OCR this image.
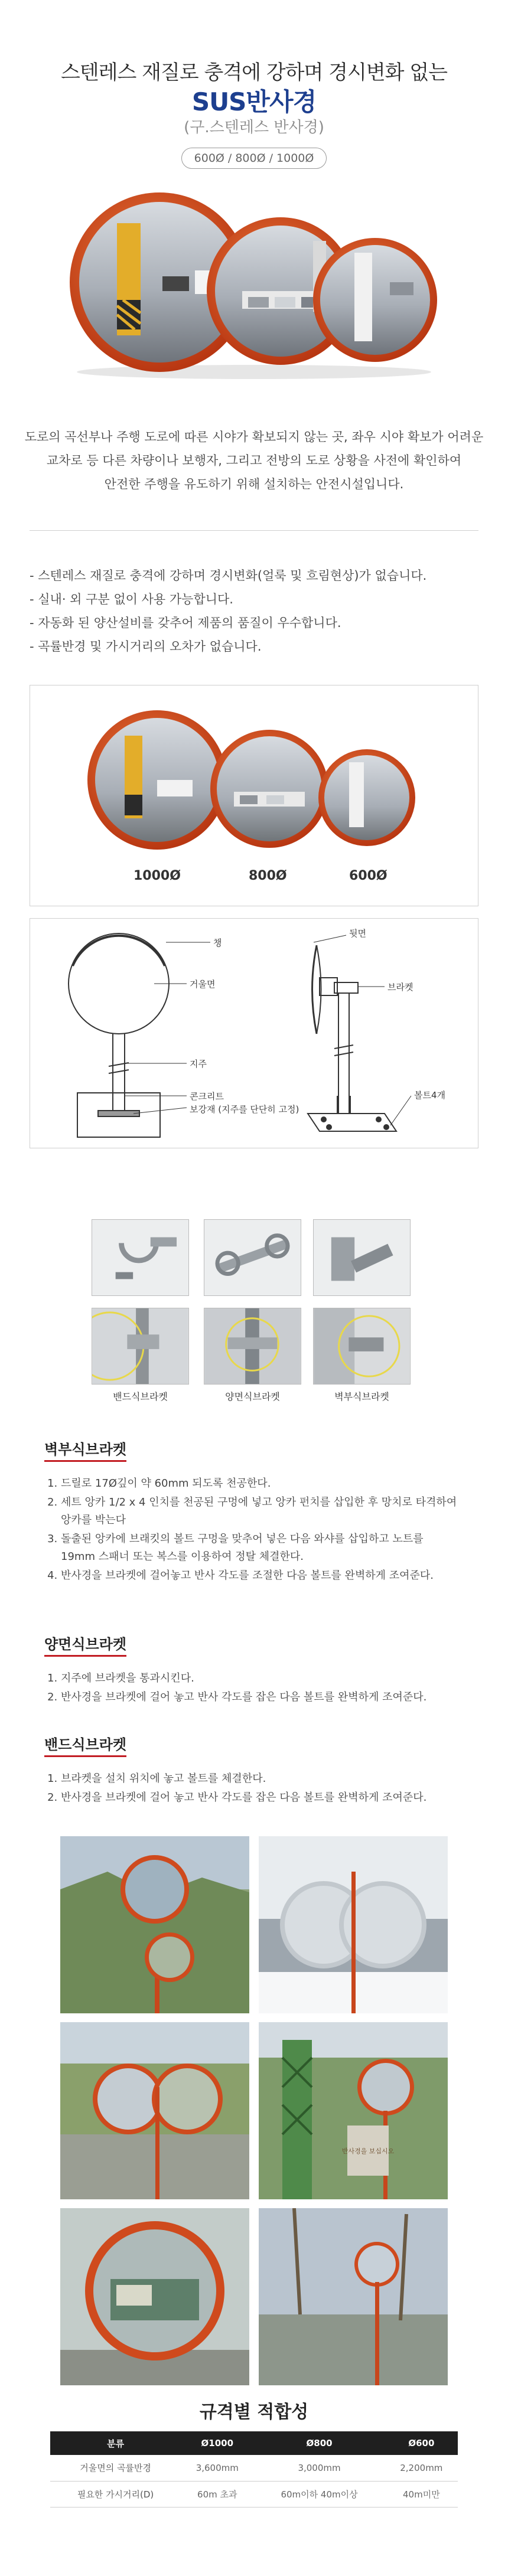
스텐레스 재질로 충격에 강하며 경시변화 없는
SUS반사경
(구.스텐레스 반사경)
600Ø / 800Ø / 1000Ø

도로의 곡선부나 주행 도로에 따른 시야가 확보되지 않는 곳, 좌우 시야 확보가 어려운

교차로 등 다른 차량이나 보행자, 그리고 전방의 도로 상황을 사전에 확인하여

안전한 주행을 유도하기 위해 설치하는 안전시설입니다.

- 스텐레스 재질로 충격에 강하며 경시변화(얼룩 및 흐림현상)가 없습니다.
- 실내· 외 구분 없이 사용 가능합니다.
- 자동화 된 양산설비를 갖추어 제품의 품질이 우수합니다.
- 곡률반경 및 가시거리의 오차가 없습니다.
1000Ø	800Ø	600Ø
챙
거울면
지주
콘크리트
보강재 (지주를 단단히 고정)
뒷면
브라켓
볼트4개
밴드식브라켓	양면식브라켓	벽부식브라켓
벽부식브라켓
1. 드릴로 17Ø깊이 약 60mm 되도록 천공한다.
2. 세트 앙카 1/2 x 4 인치를 천공된 구멍에 넣고 앙카 펀치를 삽입한 후 망치로 타격하여 앙카를 박는다
3. 돌출된 앙카에 브래킷의 볼트 구멍을 맞추어 넣은 다음 와샤를 삽입하고 노트를 19mm 스패너 또는 복스를 이용하여 정탈 체결한다.
4. 반사경을 브라켓에 걸어놓고 반사 각도를 조절한 다음 볼트를 완벽하게 조여준다.
양면식브라켓
1. 지주에 브라켓을 통과시킨다.
2. 반사경을 브라켓에 걸어 놓고 반사 각도를 잡은 다음 볼트를 완벽하게 조여준다.
밴드식브라켓
1. 브라켓을 설치 위치에 놓고 볼트를 체결한다.
2. 반사경을 브라켓에 걸어 놓고 반사 각도를 잡은 다음 볼트를 완벽하게 조여준다.
반사경을 보십시오
규격별 적합성
분류	Ø1000	Ø800	Ø600
거울면의 곡률반경	3,600mm	3,000mm	2,200mm
필요한 가시거리(D)	60m 초과	60m이하 40m이상	40m미만
